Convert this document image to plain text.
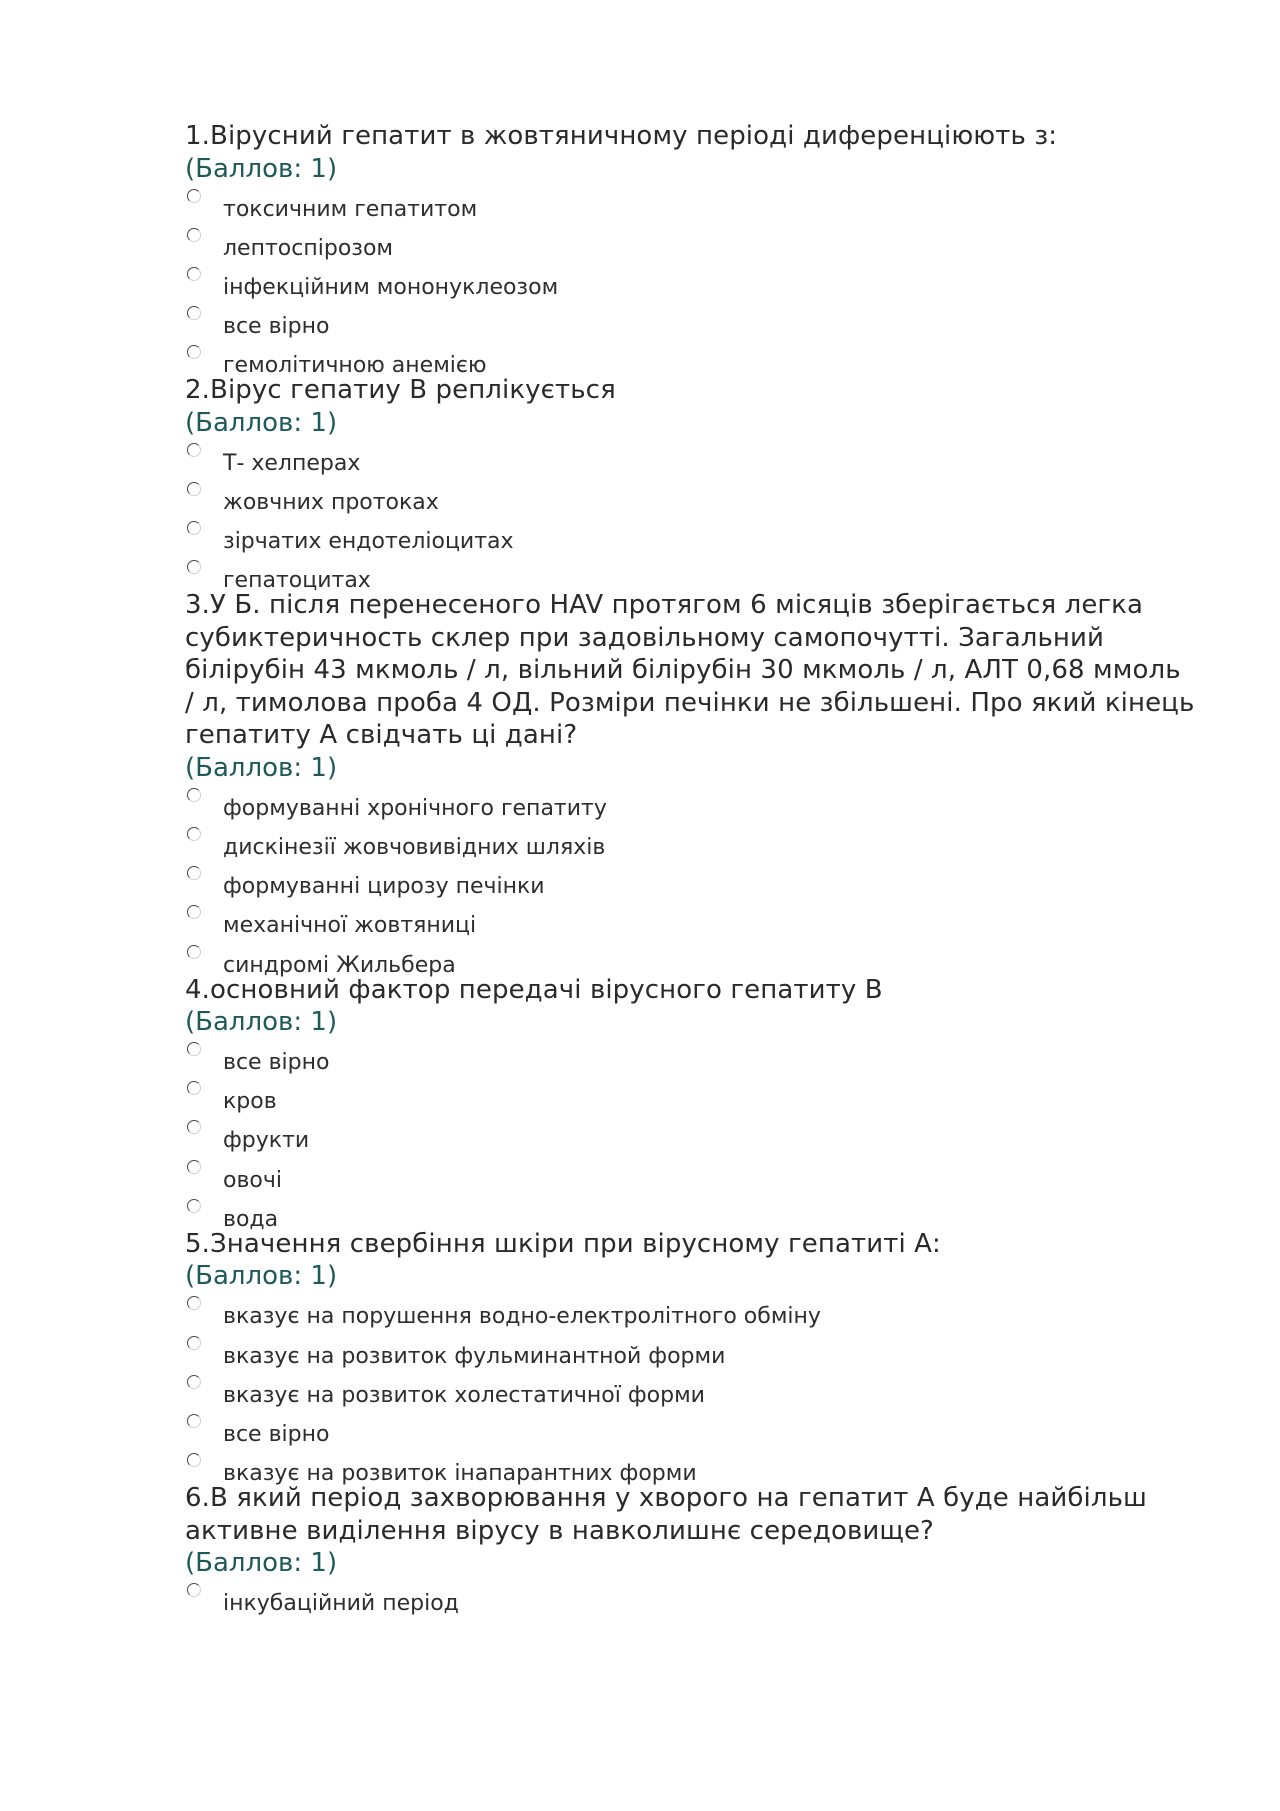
1.Вірусний гепатит в жовтяничному періоді диференціюють з:

(Баллов: 1)

токсичним гепатитом
лептоспірозом
інфекційним мононуклеозом
все вірно
гемолітичною анемією

2.Вірус гепатиу В реплікується

(Баллов: 1)

Т- хелперах
жовчних протоках
зірчатих ендотеліоцитах
гепатоцитах

3.У Б. після перенесеного HAV протягом 6 місяців зберігається легка субиктеричность склер при задовільному самопочутті. Загальний білірубін 43 мкмоль / л, вільний білірубін 30 мкмоль / л, АЛТ 0,68 ммоль / л, тимолова проба 4 ОД. Розміри печінки не збільшені. Про який кінець гепатиту А свідчать ці дані?

(Баллов: 1)

формуванні хронічного гепатиту
дискінезії жовчовивідних шляхів
формуванні цирозу печінки
механічної жовтяниці
синдромі Жильбера

4.основний фактор передачі вірусного гепатиту В

(Баллов: 1)

все вірно
кров
фрукти
овочі
вода

5.Значення свербіння шкіри при вірусному гепатиті А:

(Баллов: 1)

вказує на порушення водно-електролітного обміну
вказує на розвиток фульминантной форми
вказує на розвиток холестатичної форми
все вірно
вказує на розвиток інапарантних форми

6.В який період захворювання у хворого на гепатит А буде найбільш активне виділення вірусу в навколишнє середовище?

(Баллов: 1)

інкубаційний період
